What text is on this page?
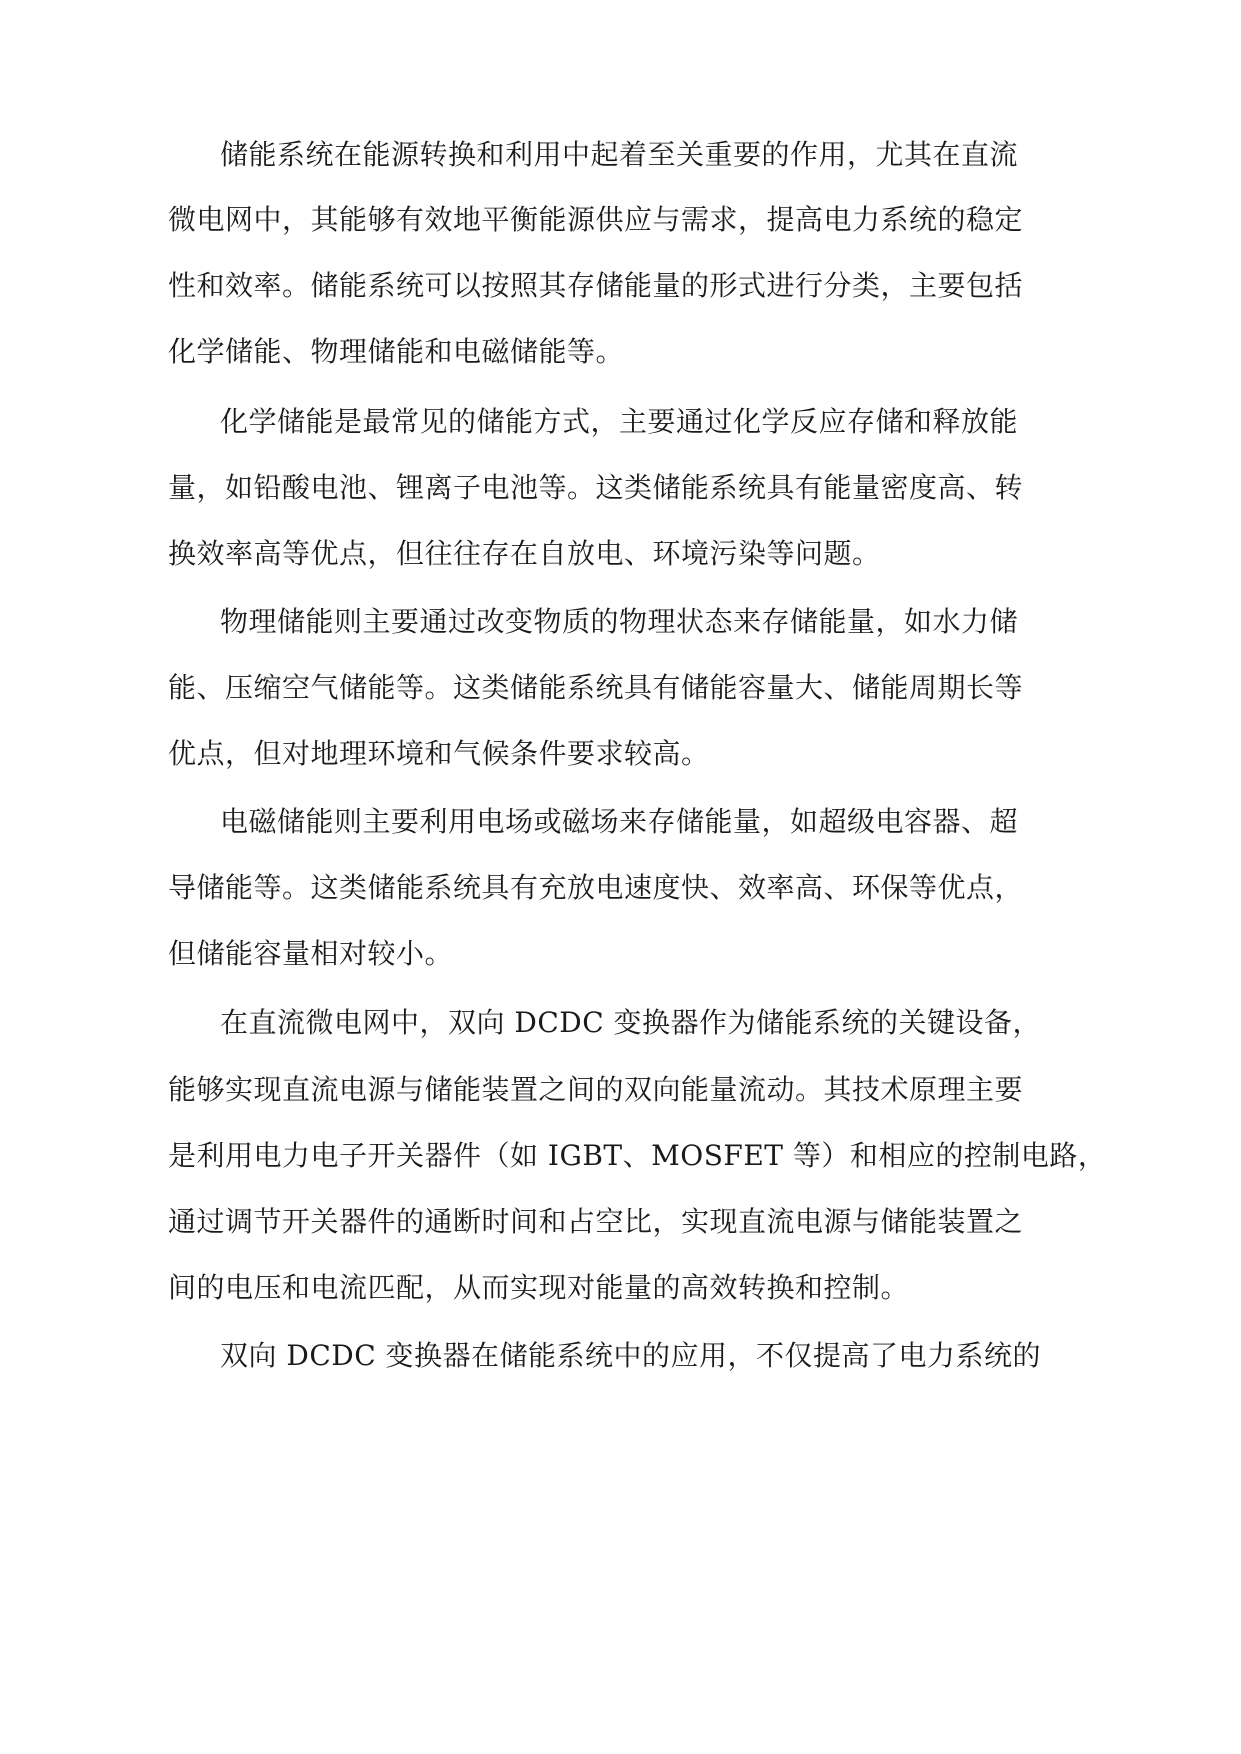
储能系统在能源转换和利用中起着至关重要的作用，尤其在直流
微电网中，其能够有效地平衡能源供应与需求，提高电力系统的稳定
性和效率。储能系统可以按照其存储能量的形式进行分类，主要包括
化学储能、物理储能和电磁储能等。
化学储能是最常见的储能方式，主要通过化学反应存储和释放能
量，如铅酸电池、锂离子电池等。这类储能系统具有能量密度高、转
换效率高等优点，但往往存在自放电、环境污染等问题。
物理储能则主要通过改变物质的物理状态来存储能量，如水力储
能、压缩空气储能等。这类储能系统具有储能容量大、储能周期长等
优点，但对地理环境和气候条件要求较高。
电磁储能则主要利用电场或磁场来存储能量，如超级电容器、超
导储能等。这类储能系统具有充放电速度快、效率高、环保等优点，
但储能容量相对较小。
在直流微电网中，双向 DCDC 变换器作为储能系统的关键设备，
能够实现直流电源与储能装置之间的双向能量流动。其技术原理主要
是利用电力电子开关器件（如 IGBT、MOSFET 等）和相应的控制电路，
通过调节开关器件的通断时间和占空比，实现直流电源与储能装置之
间的电压和电流匹配，从而实现对能量的高效转换和控制。
双向 DCDC 变换器在储能系统中的应用，不仅提高了电力系统的
